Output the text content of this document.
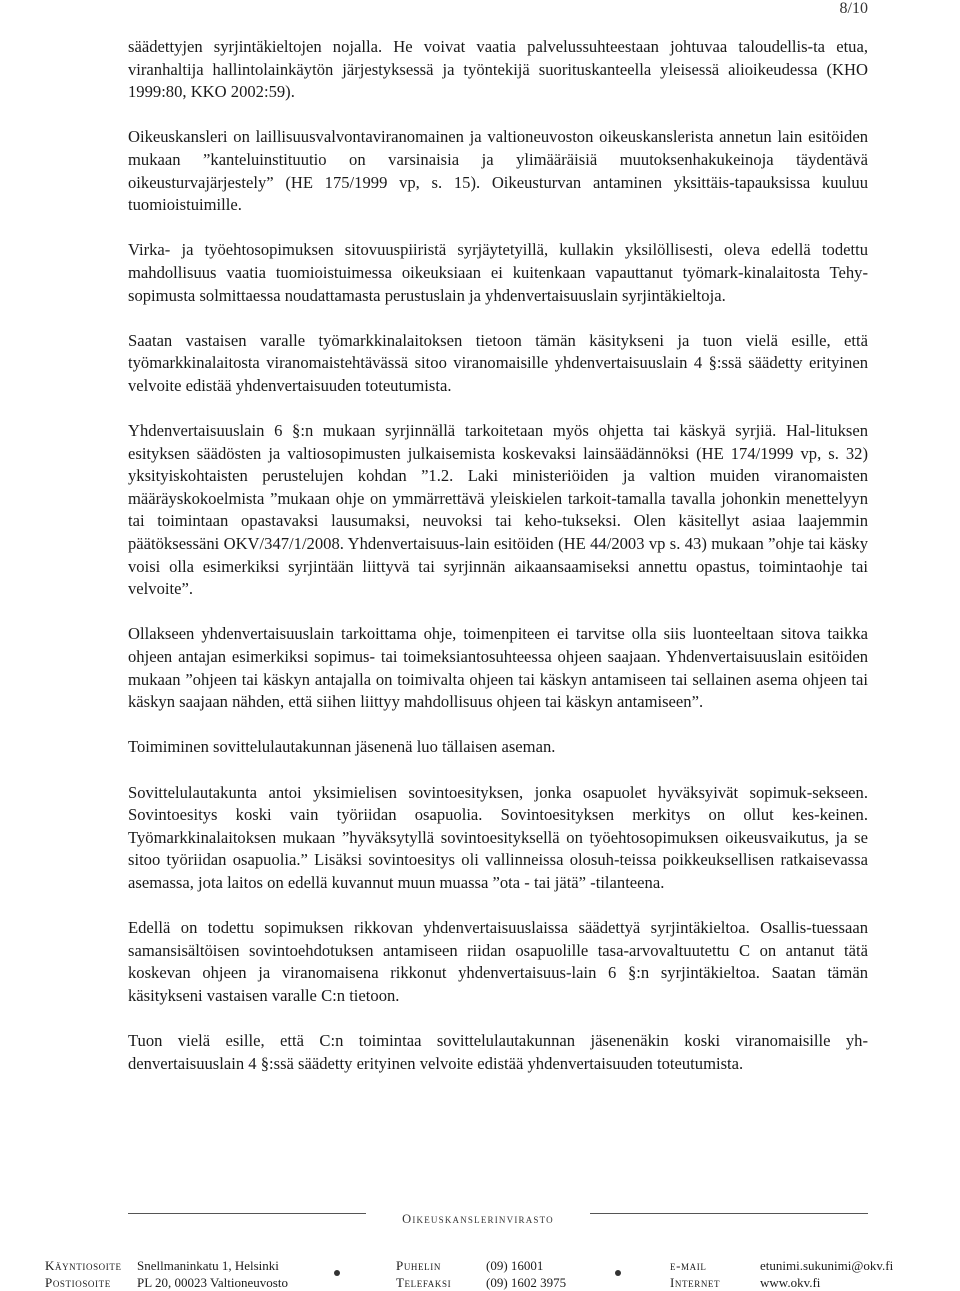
8/10

säädettyjen syrjintäkieltojen nojalla. He voivat vaatia palvelussuhteestaan johtuvaa taloudellis-ta etua, viranhaltija hallintolainkäytön järjestyksessä ja työntekijä suorituskanteella yleisessä alioikeudessa (KHO 1999:80, KKO 2002:59).

Oikeuskansleri on laillisuusvalvontaviranomainen ja valtioneuvoston oikeuskanslerista annetun lain esitöiden mukaan ”kanteluinstituutio on varsinaisia ja ylimääräisiä muutoksenhakukeinoja täydentävä oikeusturvajärjestely” (HE 175/1999 vp, s. 15). Oikeusturvan antaminen yksittäis-tapauksissa kuuluu tuomioistuimille.

Virka- ja työehtosopimuksen sitovuuspiiristä syrjäytetyillä, kullakin yksilöllisesti, oleva edellä todettu mahdollisuus vaatia tuomioistuimessa oikeuksiaan ei kuitenkaan vapauttanut työmark-kinalaitosta Tehy-sopimusta solmittaessa noudattamasta perustuslain ja yhdenvertaisuuslain syrjintäkieltoja.

Saatan vastaisen varalle työmarkkinalaitoksen tietoon tämän käsitykseni ja tuon vielä esille, että työmarkkinalaitosta viranomaistehtävässä sitoo viranomaisille yhdenvertaisuuslain 4 §:ssä säädetty erityinen velvoite edistää yhdenvertaisuuden toteutumista.

Yhdenvertaisuuslain 6 §:n mukaan syrjinnällä tarkoitetaan myös ohjetta tai käskyä syrjiä. Hal-lituksen esityksen säädösten ja valtiosopimusten julkaisemista koskevaksi lainsäädännöksi (HE 174/1999 vp, s. 32) yksityiskohtaisten perustelujen kohdan ”1.2. Laki ministeriöiden ja valtion muiden viranomaisten määräyskokoelmista ”mukaan ohje on ymmärrettävä yleiskielen tarkoit-tamalla tavalla johonkin menettelyyn tai toimintaan opastavaksi lausumaksi, neuvoksi tai keho-tukseksi. Olen käsitellyt asiaa laajemmin päätöksessäni OKV/347/1/2008. Yhdenvertaisuus-lain esitöiden (HE 44/2003 vp s. 43) mukaan ”ohje tai käsky voisi olla esimerkiksi syrjintään liittyvä tai syrjinnän aikaansaamiseksi annettu opastus, toimintaohje tai velvoite”.

Ollakseen yhdenvertaisuuslain tarkoittama ohje, toimenpiteen ei tarvitse olla siis luonteeltaan sitova taikka ohjeen antajan esimerkiksi sopimus- tai toimeksiantosuhteessa ohjeen saajaan. Yhdenvertaisuuslain esitöiden mukaan ”ohjeen tai käskyn antajalla on toimivalta ohjeen tai käskyn antamiseen tai sellainen asema ohjeen tai käskyn saajaan nähden, että siihen liittyy mahdollisuus ohjeen tai käskyn antamiseen”.

Toimiminen sovittelulautakunnan jäsenenä luo tällaisen aseman.

Sovittelulautakunta antoi yksimielisen sovintoesityksen, jonka osapuolet hyväksyivät sopimuk-sekseen. Sovintoesitys koski vain työriidan osapuolia. Sovintoesityksen merkitys on ollut kes-keinen. Työmarkkinalaitoksen mukaan ”hyväksytyllä sovintoesityksellä on työehtosopimuksen oikeusvaikutus, ja se sitoo työriidan osapuolia.” Lisäksi sovintoesitys oli vallinneissa olosuh-teissa poikkeuksellisen ratkaisevassa asemassa, jota laitos on edellä kuvannut muun muassa ”ota - tai jätä” -tilanteena.

Edellä on todettu sopimuksen rikkovan yhdenvertaisuuslaissa säädettyä syrjintäkieltoa. Osallis-tuessaan samansisältöisen sovintoehdotuksen antamiseen riidan osapuolille tasa-arvovaltuutettu C on antanut tätä koskevan ohjeen ja viranomaisena rikkonut yhdenvertaisuus-lain 6 §:n syrjintäkieltoa. Saatan tämän käsitykseni vastaisen varalle C:n tietoon.

Tuon vielä esille, että C:n toimintaa sovittelulautakunnan jäsenenäkin koski viranomaisille yh-denvertaisuuslain 4 §:ssä säädetty erityinen velvoite edistää yhdenvertaisuuden toteutumista.

Oikeuskanslerinvirasto
Käyntiosoite
Postiosoite
Snellmaninkatu 1, Helsinki
PL 20, 00023 Valtioneuvosto
Puhelin
Telefaksi
(09) 16001
(09) 1602 3975
e-mail
Internet
etunimi.sukunimi@okv.fi
www.okv.fi
